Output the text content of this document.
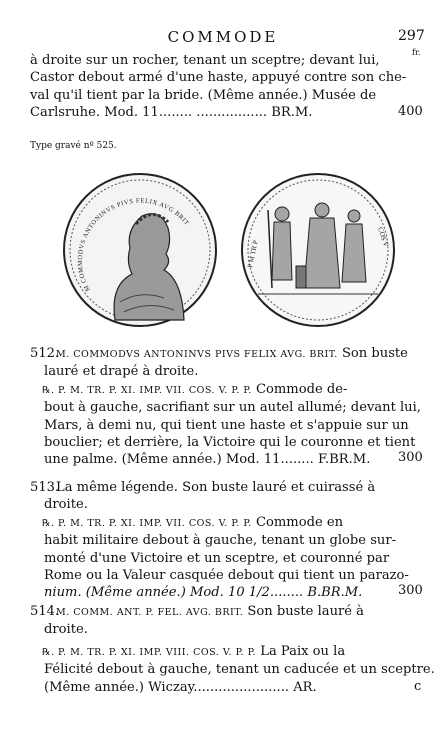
COMMODE	297
fr.
à droite sur un rocher, tenant un sceptre; devant lui,
Castor debout armé d'une haste, appuyé contre son che-
val qu'il tient par la bride. (Même année.) Musée de
Carlsruhe. Mod. 11........ ................. BR.M.	400
Type gravé nº 525.
M COMMODVS ANTONINVS PIVS FELIX AVG BRIT
P M TR P
COS V
512.M. COMMODVS ANTONINVS PIVS FELIX AVG. BRIT. Son buste
lauré et drapé à droite.
℞. P. M. TR. P. XI. IMP. VII. COS. V. P. P. Commode de-
bout à gauche, sacrifiant sur un autel allumé; devant lui,
Mars, à demi nu, qui tient une haste et s'appuie sur un
bouclier; et derrière, la Victoire qui le couronne et tient
une palme. (Même année.) Mod. 11........ F.BR.M.	300
513.La même légende. Son buste lauré et cuirassé à
droite.
℞. P. M. TR. P. XI. IMP. VII. COS. V. P. P. Commode en
habit militaire debout à gauche, tenant un globe sur-
monté d'une Victoire et un sceptre, et couronné par
Rome ou la Valeur casquée debout qui tient un parazo-
nium. (Même année.) Mod. 10 1/2........ B.BR.M.	300
514.M. COMM. ANT. P. FEL. AVG. BRIT. Son buste lauré à
droite.
℞. P. M. TR. P. XI. IMP. VIII. COS. V. P. P. La Paix ou la
Félicité debout à gauche, tenant un caducée et un sceptre.
(Même année.) Wiczay....................... AR.	c
